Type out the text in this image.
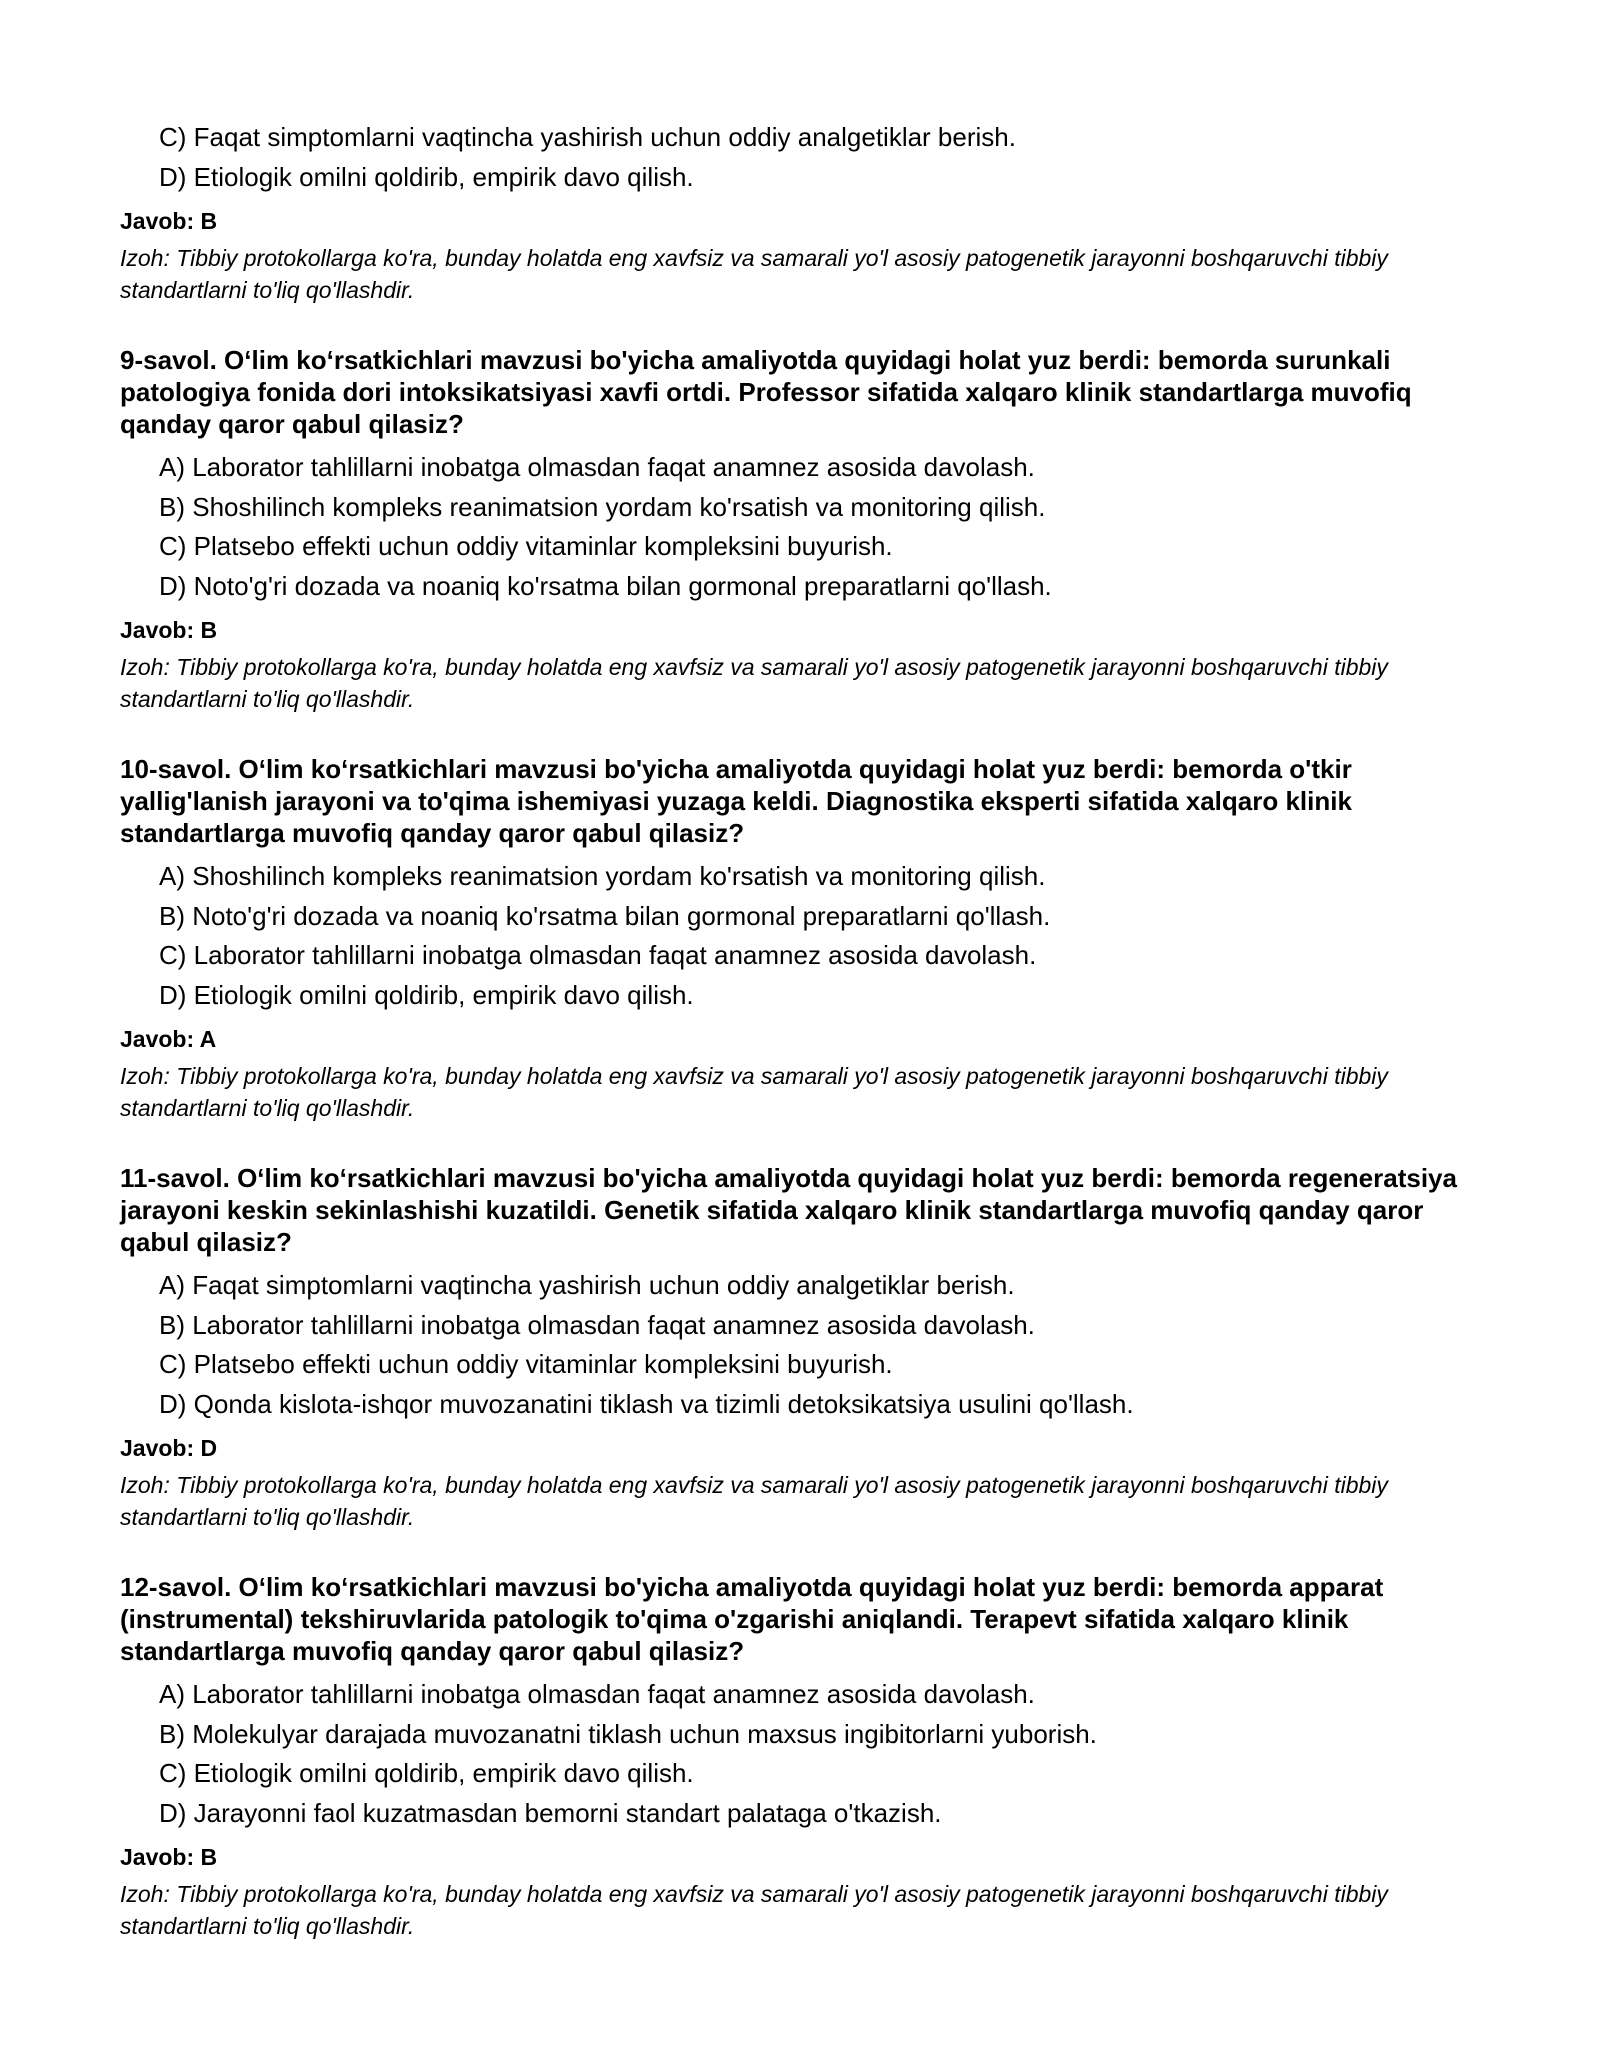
C) Faqat simptomlarni vaqtincha yashirish uchun oddiy analgetiklar berish.
D) Etiologik omilni qoldirib, empirik davo qilish.
Javob: B
Izoh: Tibbiy protokollarga ko'ra, bunday holatda eng xavfsiz va samarali yo'l asosiy patogenetik jarayonni boshqaruvchi tibbiy standartlarni to'liq qo'llashdir.
9-savol. O‘lim ko‘rsatkichlari mavzusi bo'yicha amaliyotda quyidagi holat yuz berdi: bemorda surunkali patologiya fonida dori intoksikatsiyasi xavfi ortdi. Professor sifatida xalqaro klinik standartlarga muvofiq qanday qaror qabul qilasiz?
A) Laborator tahlillarni inobatga olmasdan faqat anamnez asosida davolash.
B) Shoshilinch kompleks reanimatsion yordam ko'rsatish va monitoring qilish.
C) Platsebo effekti uchun oddiy vitaminlar kompleksini buyurish.
D) Noto'g'ri dozada va noaniq ko'rsatma bilan gormonal preparatlarni qo'llash.
Javob: B
Izoh: Tibbiy protokollarga ko'ra, bunday holatda eng xavfsiz va samarali yo'l asosiy patogenetik jarayonni boshqaruvchi tibbiy standartlarni to'liq qo'llashdir.
10-savol. O‘lim ko‘rsatkichlari mavzusi bo'yicha amaliyotda quyidagi holat yuz berdi: bemorda o'tkir yallig'lanish jarayoni va to'qima ishemiyasi yuzaga keldi. Diagnostika eksperti sifatida xalqaro klinik standartlarga muvofiq qanday qaror qabul qilasiz?
A) Shoshilinch kompleks reanimatsion yordam ko'rsatish va monitoring qilish.
B) Noto'g'ri dozada va noaniq ko'rsatma bilan gormonal preparatlarni qo'llash.
C) Laborator tahlillarni inobatga olmasdan faqat anamnez asosida davolash.
D) Etiologik omilni qoldirib, empirik davo qilish.
Javob: A
Izoh: Tibbiy protokollarga ko'ra, bunday holatda eng xavfsiz va samarali yo'l asosiy patogenetik jarayonni boshqaruvchi tibbiy standartlarni to'liq qo'llashdir.
11-savol. O‘lim ko‘rsatkichlari mavzusi bo'yicha amaliyotda quyidagi holat yuz berdi: bemorda regeneratsiya jarayoni keskin sekinlashishi kuzatildi. Genetik sifatida xalqaro klinik standartlarga muvofiq qanday qaror qabul qilasiz?
A) Faqat simptomlarni vaqtincha yashirish uchun oddiy analgetiklar berish.
B) Laborator tahlillarni inobatga olmasdan faqat anamnez asosida davolash.
C) Platsebo effekti uchun oddiy vitaminlar kompleksini buyurish.
D) Qonda kislota-ishqor muvozanatini tiklash va tizimli detoksikatsiya usulini qo'llash.
Javob: D
Izoh: Tibbiy protokollarga ko'ra, bunday holatda eng xavfsiz va samarali yo'l asosiy patogenetik jarayonni boshqaruvchi tibbiy standartlarni to'liq qo'llashdir.
12-savol. O‘lim ko‘rsatkichlari mavzusi bo'yicha amaliyotda quyidagi holat yuz berdi: bemorda apparat (instrumental) tekshiruvlarida patologik to'qima o'zgarishi aniqlandi. Terapevt sifatida xalqaro klinik standartlarga muvofiq qanday qaror qabul qilasiz?
A) Laborator tahlillarni inobatga olmasdan faqat anamnez asosida davolash.
B) Molekulyar darajada muvozanatni tiklash uchun maxsus ingibitorlarni yuborish.
C) Etiologik omilni qoldirib, empirik davo qilish.
D) Jarayonni faol kuzatmasdan bemorni standart palataga o'tkazish.
Javob: B
Izoh: Tibbiy protokollarga ko'ra, bunday holatda eng xavfsiz va samarali yo'l asosiy patogenetik jarayonni boshqaruvchi tibbiy standartlarni to'liq qo'llashdir.
